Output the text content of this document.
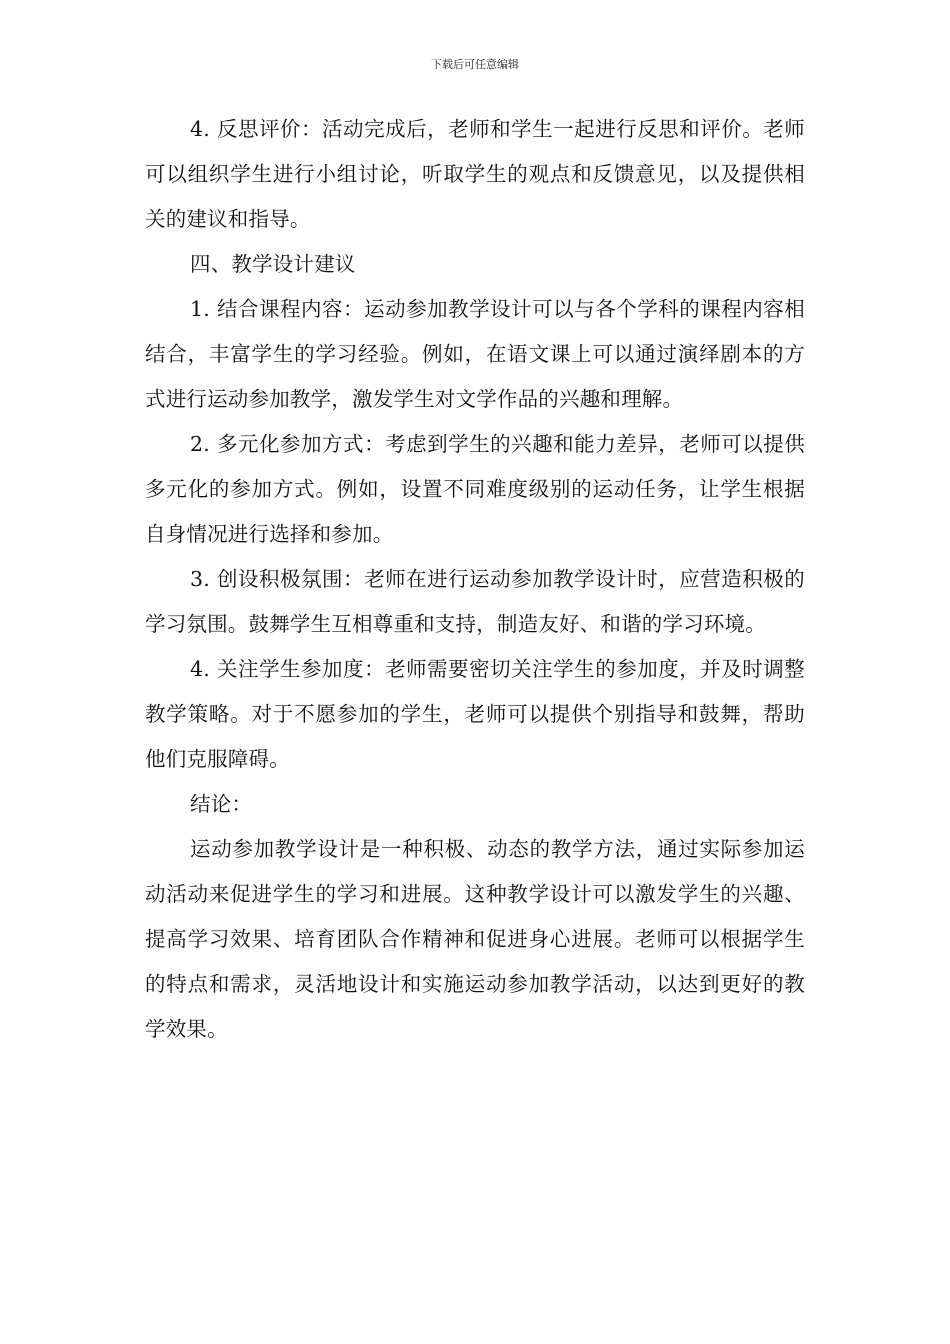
下载后可任意编辑

4. 反思评价：活动完成后，老师和学生一起进行反思和评价。老师可以组织学生进行小组讨论，听取学生的观点和反馈意见，以及提供相关的建议和指导。

四、教学设计建议

1. 结合课程内容：运动参加教学设计可以与各个学科的课程内容相结合，丰富学生的学习经验。例如，在语文课上可以通过演绎剧本的方式进行运动参加教学，激发学生对文学作品的兴趣和理解。

2. 多元化参加方式：考虑到学生的兴趣和能力差异，老师可以提供多元化的参加方式。例如，设置不同难度级别的运动任务，让学生根据自身情况进行选择和参加。

3. 创设积极氛围：老师在进行运动参加教学设计时，应营造积极的学习氛围。鼓舞学生互相尊重和支持，制造友好、和谐的学习环境。

4. 关注学生参加度：老师需要密切关注学生的参加度，并及时调整教学策略。对于不愿参加的学生，老师可以提供个别指导和鼓舞，帮助他们克服障碍。

结论：

运动参加教学设计是一种积极、动态的教学方法，通过实际参加运动活动来促进学生的学习和进展。这种教学设计可以激发学生的兴趣、提高学习效果、培育团队合作精神和促进身心进展。老师可以根据学生的特点和需求，灵活地设计和实施运动参加教学活动，以达到更好的教学效果。
